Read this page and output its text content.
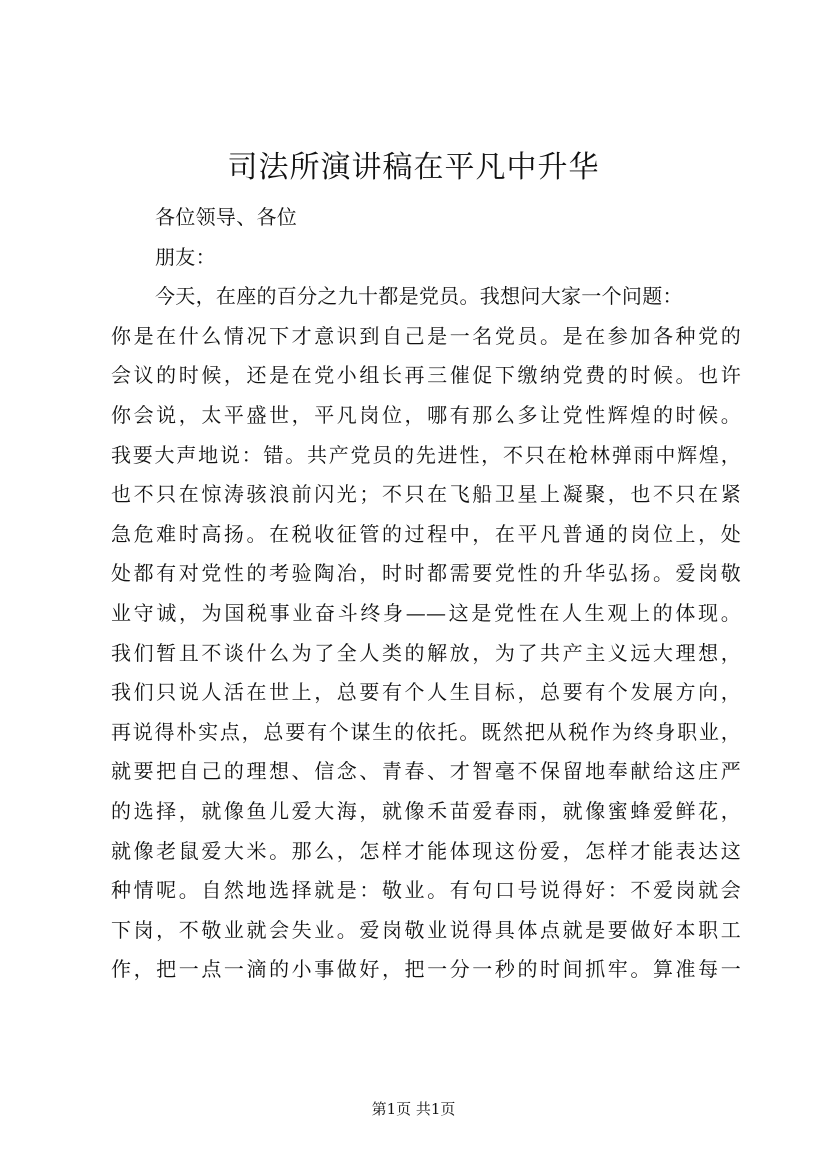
司法所演讲稿在平凡中升华
各位领导、各位
朋友：
今天，在座的百分之九十都是党员。我想问大家一个问题：
你是在什么情况下才意识到自己是一名党员。是在参加各种党的
会议的时候，还是在党小组长再三催促下缴纳党费的时候。也许
你会说，太平盛世，平凡岗位，哪有那么多让党性辉煌的时候。
我要大声地说：错。共产党员的先进性，不只在枪林弹雨中辉煌，
也不只在惊涛骇浪前闪光；不只在飞船卫星上凝聚，也不只在紧
急危难时高扬。在税收征管的过程中，在平凡普通的岗位上，处
处都有对党性的考验陶冶，时时都需要党性的升华弘扬。爱岗敬
业守诚，为国税事业奋斗终身——这是党性在人生观上的体现。
我们暂且不谈什么为了全人类的解放，为了共产主义远大理想，
我们只说人活在世上，总要有个人生目标，总要有个发展方向，
再说得朴实点，总要有个谋生的依托。既然把从税作为终身职业，
就要把自己的理想、信念、青春、才智毫不保留地奉献给这庄严
的选择，就像鱼儿爱大海，就像禾苗爱春雨，就像蜜蜂爱鲜花，
就像老鼠爱大米。那么，怎样才能体现这份爱，怎样才能表达这
种情呢。自然地选择就是：敬业。有句口号说得好：不爱岗就会
下岗，不敬业就会失业。爱岗敬业说得具体点就是要做好本职工
作，把一点一滴的小事做好，把一分一秒的时间抓牢。算准每一
第1页 共1页
